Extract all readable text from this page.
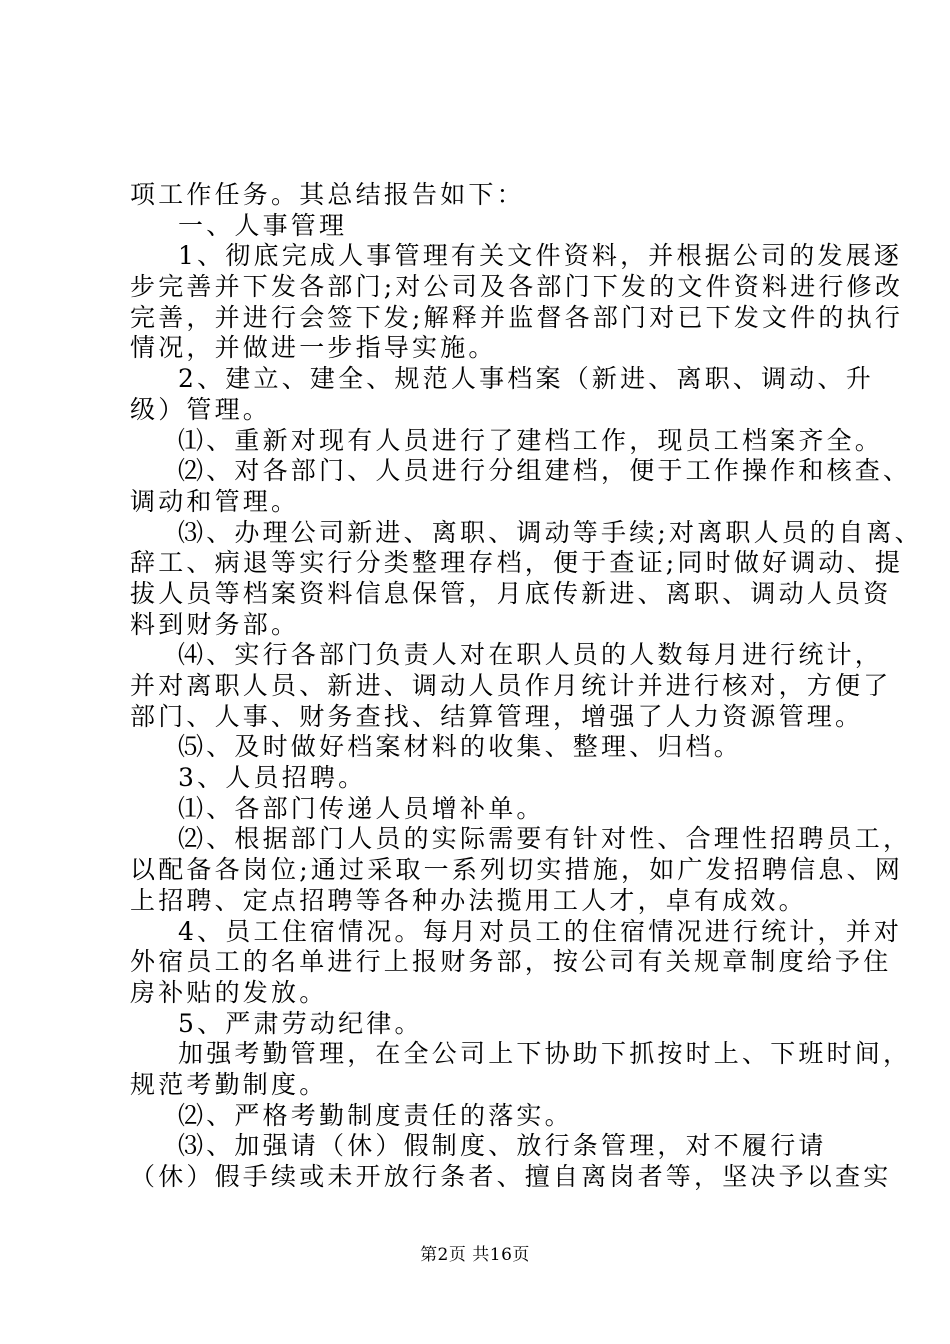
项工作任务。其总结报告如下：
一、人事管理
1、彻底完成人事管理有关文件资料，并根据公司的发展逐
步完善并下发各部门;对公司及各部门下发的文件资料进行修改
完善，并进行会签下发;解释并监督各部门对已下发文件的执行
情况，并做进一步指导实施。
2、建立、建全、规范人事档案（新进、离职、调动、升
级）管理。
⑴、重新对现有人员进行了建档工作，现员工档案齐全。
⑵、对各部门、人员进行分组建档，便于工作操作和核查、
调动和管理。
⑶、办理公司新进、离职、调动等手续;对离职人员的自离、
辞工、病退等实行分类整理存档，便于查证;同时做好调动、提
拔人员等档案资料信息保管，月底传新进、离职、调动人员资
料到财务部。
⑷、实行各部门负责人对在职人员的人数每月进行统计，
并对离职人员、新进、调动人员作月统计并进行核对，方便了
部门、人事、财务查找、结算管理，增强了人力资源管理。
⑸、及时做好档案材料的收集、整理、归档。
3、人员招聘。
⑴、各部门传递人员增补单。
⑵、根据部门人员的实际需要有针对性、合理性招聘员工，
以配备各岗位;通过采取一系列切实措施，如广发招聘信息、网
上招聘、定点招聘等各种办法揽用工人才，卓有成效。
4、员工住宿情况。每月对员工的住宿情况进行统计，并对
外宿员工的名单进行上报财务部，按公司有关规章制度给予住
房补贴的发放。
5、严肃劳动纪律。
加强考勤管理，在全公司上下协助下抓按时上、下班时间，
规范考勤制度。
⑵、严格考勤制度责任的落实。
⑶、加强请（休）假制度、放行条管理，对不履行请
（休）假手续或未开放行条者、擅自离岗者等，坚决予以查实
第2页 共16页
